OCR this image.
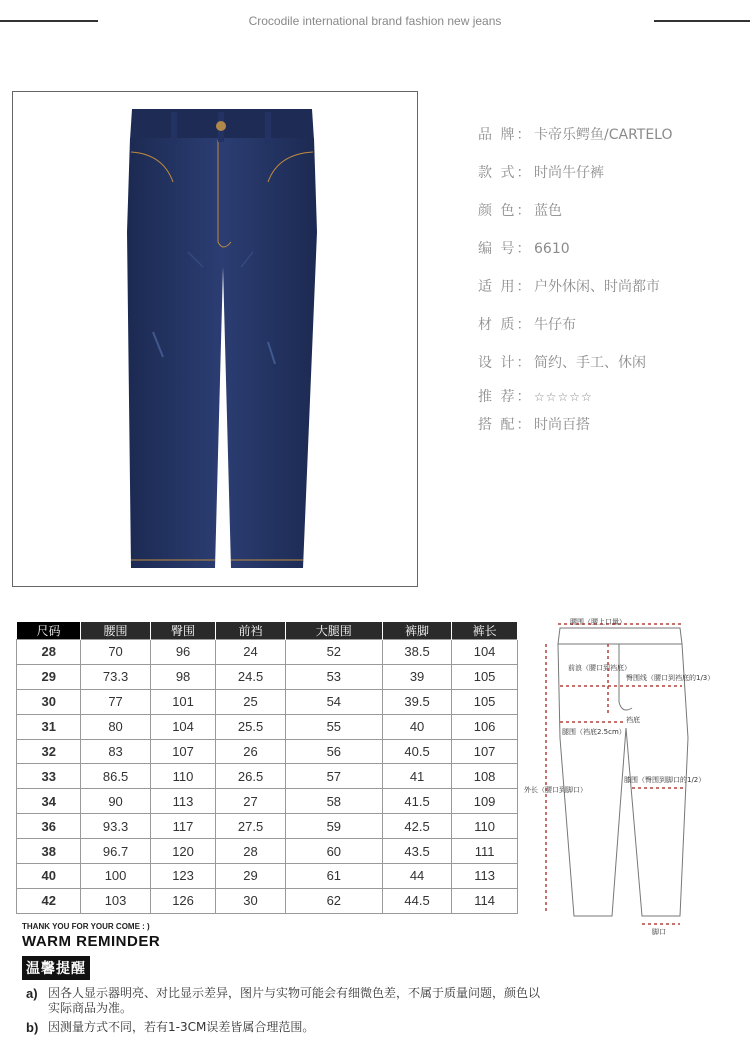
Crocodile international brand fashion new jeans
品 牌： 卡帝乐鳄鱼/CARTELO
款 式： 时尚牛仔裤
颜 色： 蓝色
编 号： 6610
适 用： 户外休闲、时尚都市
材 质： 牛仔布
设 计： 简约、手工、休闲
推 荐： ☆☆☆☆☆
搭 配： 时尚百搭
尺码	腰围	臀围	前裆	大腿围	裤脚	裤长
28	70	96	24	52	38.5	104
29	73.3	98	24.5	53	39	105
30	77	101	25	54	39.5	105
31	80	104	25.5	55	40	106
32	83	107	26	56	40.5	107
33	86.5	110	26.5	57	41	108
34	90	113	27	58	41.5	109
36	93.3	117	27.5	59	42.5	110
38	96.7	120	28	60	43.5	111
40	100	123	29	61	44	113
42	103	126	30	62	44.5	114
腰围（腰上口量）
前浪（腰口到裆底）
臀围线（腰口到裆底的1/3）
裆底
腿围（裆底2.5cm）
外长（腰口到脚口）
膝围（臀围到脚口的1/2）
脚口
THANK YOU FOR YOUR COME : )
WARM REMINDER
温馨提醒
a) 因各人显示器明亮、对比显示差异，图片与实物可能会有细微色差，不属于质量问题，颜色以实际商品为准。
b) 因测量方式不同，若有1-3CM误差皆属合理范围。
